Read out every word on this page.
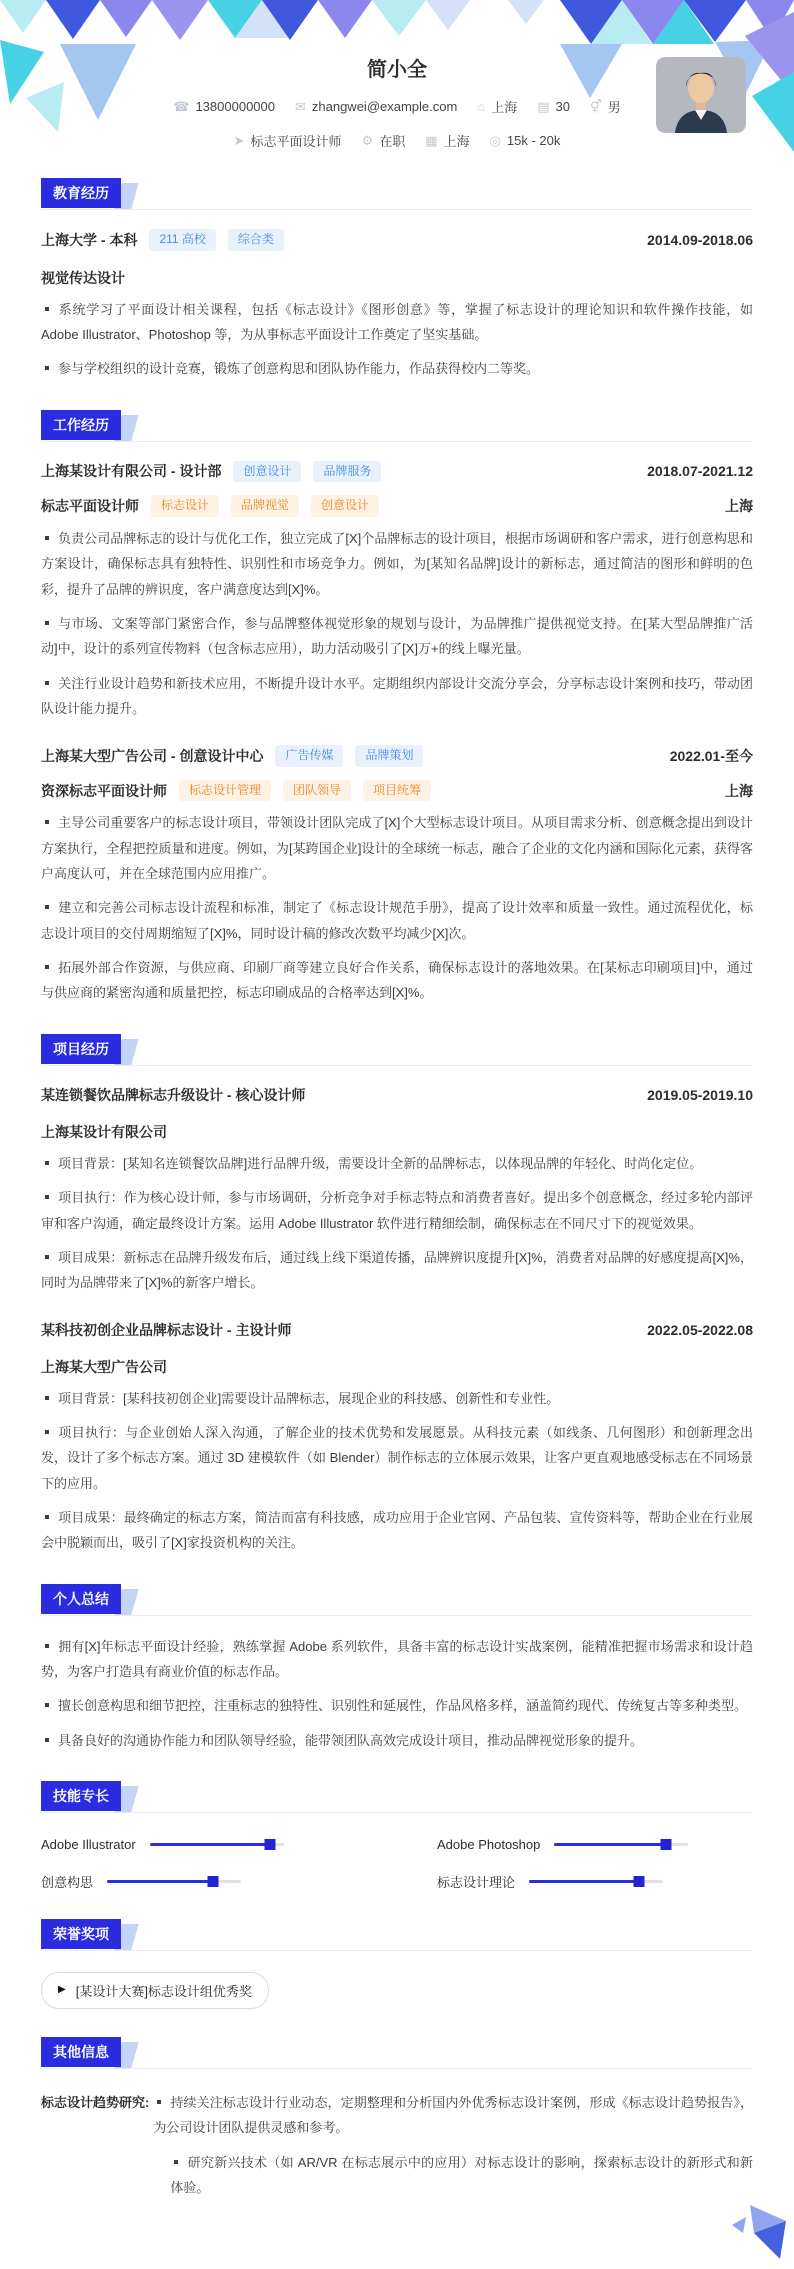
简小全
☎ 13800000000 ✉ zhangwei@example.com ⌂ 上海 ▤ 30 ⚥ 男
➤ 标志平面设计师 ⚙ 在职 ▦ 上海 ◎ 15k - 20k
教育经历
上海大学 - 本科	211 高校	综合类	2014.09-2018.06
视觉传达设计

系统学习了平面设计相关课程，包括《标志设计》《图形创意》等，掌握了标志设计的理论知识和软件操作技能，如 Adobe Illustrator、Photoshop 等，为从事标志平面设计工作奠定了坚实基础。

参与学校组织的设计竞赛，锻炼了创意构思和团队协作能力，作品获得校内二等奖。

工作经历
上海某设计有限公司 - 设计部	创意设计	品牌服务	2018.07-2021.12
标志平面设计师	标志设计	品牌视觉	创意设计	上海

负责公司品牌标志的设计与优化工作，独立完成了[X]个品牌标志的设计项目，根据市场调研和客户需求，进行创意构思和方案设计，确保标志具有独特性、识别性和市场竞争力。例如，为[某知名品牌]设计的新标志，通过简洁的图形和鲜明的色彩，提升了品牌的辨识度，客户满意度达到[X]%。

与市场、文案等部门紧密合作，参与品牌整体视觉形象的规划与设计，为品牌推广提供视觉支持。在[某大型品牌推广活动]中，设计的系列宣传物料（包含标志应用），助力活动吸引了[X]万+的线上曝光量。

关注行业设计趋势和新技术应用，不断提升设计水平。定期组织内部设计交流分享会，分享标志设计案例和技巧，带动团队设计能力提升。

上海某大型广告公司 - 创意设计中心	广告传媒	品牌策划	2022.01-至今
资深标志平面设计师	标志设计管理	团队领导	项目统筹	上海

主导公司重要客户的标志设计项目，带领设计团队完成了[X]个大型标志设计项目。从项目需求分析、创意概念提出到设计方案执行，全程把控质量和进度。例如，为[某跨国企业]设计的全球统一标志，融合了企业的文化内涵和国际化元素，获得客户高度认可，并在全球范围内应用推广。

建立和完善公司标志设计流程和标准，制定了《标志设计规范手册》，提高了设计效率和质量一致性。通过流程优化，标志设计项目的交付周期缩短了[X]%，同时设计稿的修改次数平均减少[X]次。

拓展外部合作资源，与供应商、印刷厂商等建立良好合作关系，确保标志设计的落地效果。在[某标志印刷项目]中，通过与供应商的紧密沟通和质量把控，标志印刷成品的合格率达到[X]%。

项目经历
某连锁餐饮品牌标志升级设计 - 核心设计师	2019.05-2019.10
上海某设计有限公司

项目背景：[某知名连锁餐饮品牌]进行品牌升级，需要设计全新的品牌标志，以体现品牌的年轻化、时尚化定位。

项目执行：作为核心设计师，参与市场调研，分析竞争对手标志特点和消费者喜好。提出多个创意概念，经过多轮内部评审和客户沟通，确定最终设计方案。运用 Adobe Illustrator 软件进行精细绘制，确保标志在不同尺寸下的视觉效果。

项目成果：新标志在品牌升级发布后，通过线上线下渠道传播，品牌辨识度提升[X]%，消费者对品牌的好感度提高[X]%，同时为品牌带来了[X]%的新客户增长。

某科技初创企业品牌标志设计 - 主设计师	2022.05-2022.08
上海某大型广告公司

项目背景：[某科技初创企业]需要设计品牌标志，展现企业的科技感、创新性和专业性。

项目执行：与企业创始人深入沟通，了解企业的技术优势和发展愿景。从科技元素（如线条、几何图形）和创新理念出发，设计了多个标志方案。通过 3D 建模软件（如 Blender）制作标志的立体展示效果，让客户更直观地感受标志在不同场景下的应用。

项目成果：最终确定的标志方案，简洁而富有科技感，成功应用于企业官网、产品包装、宣传资料等，帮助企业在行业展会中脱颖而出，吸引了[X]家投资机构的关注。

个人总结

拥有[X]年标志平面设计经验，熟练掌握 Adobe 系列软件，具备丰富的标志设计实战案例，能精准把握市场需求和设计趋势，为客户打造具有商业价值的标志作品。

擅长创意构思和细节把控，注重标志的独特性、识别性和延展性，作品风格多样，涵盖简约现代、传统复古等多种类型。

具备良好的沟通协作能力和团队领导经验，能带领团队高效完成设计项目，推动品牌视觉形象的提升。

技能专长
Adobe Illustrator	Adobe Photoshop
创意构思	标志设计理论
荣誉奖项
▶ [某设计大赛]标志设计组优秀奖
其他信息
标志设计趋势研究:	持续关注标志设计行业动态，定期整理和分析国内外优秀标志设计案例，形成《标志设计趋势报告》，为公司设计团队提供灵感和参考。

研究新兴技术（如 AR/VR 在标志展示中的应用）对标志设计的影响，探索标志设计的新形式和新体验。
